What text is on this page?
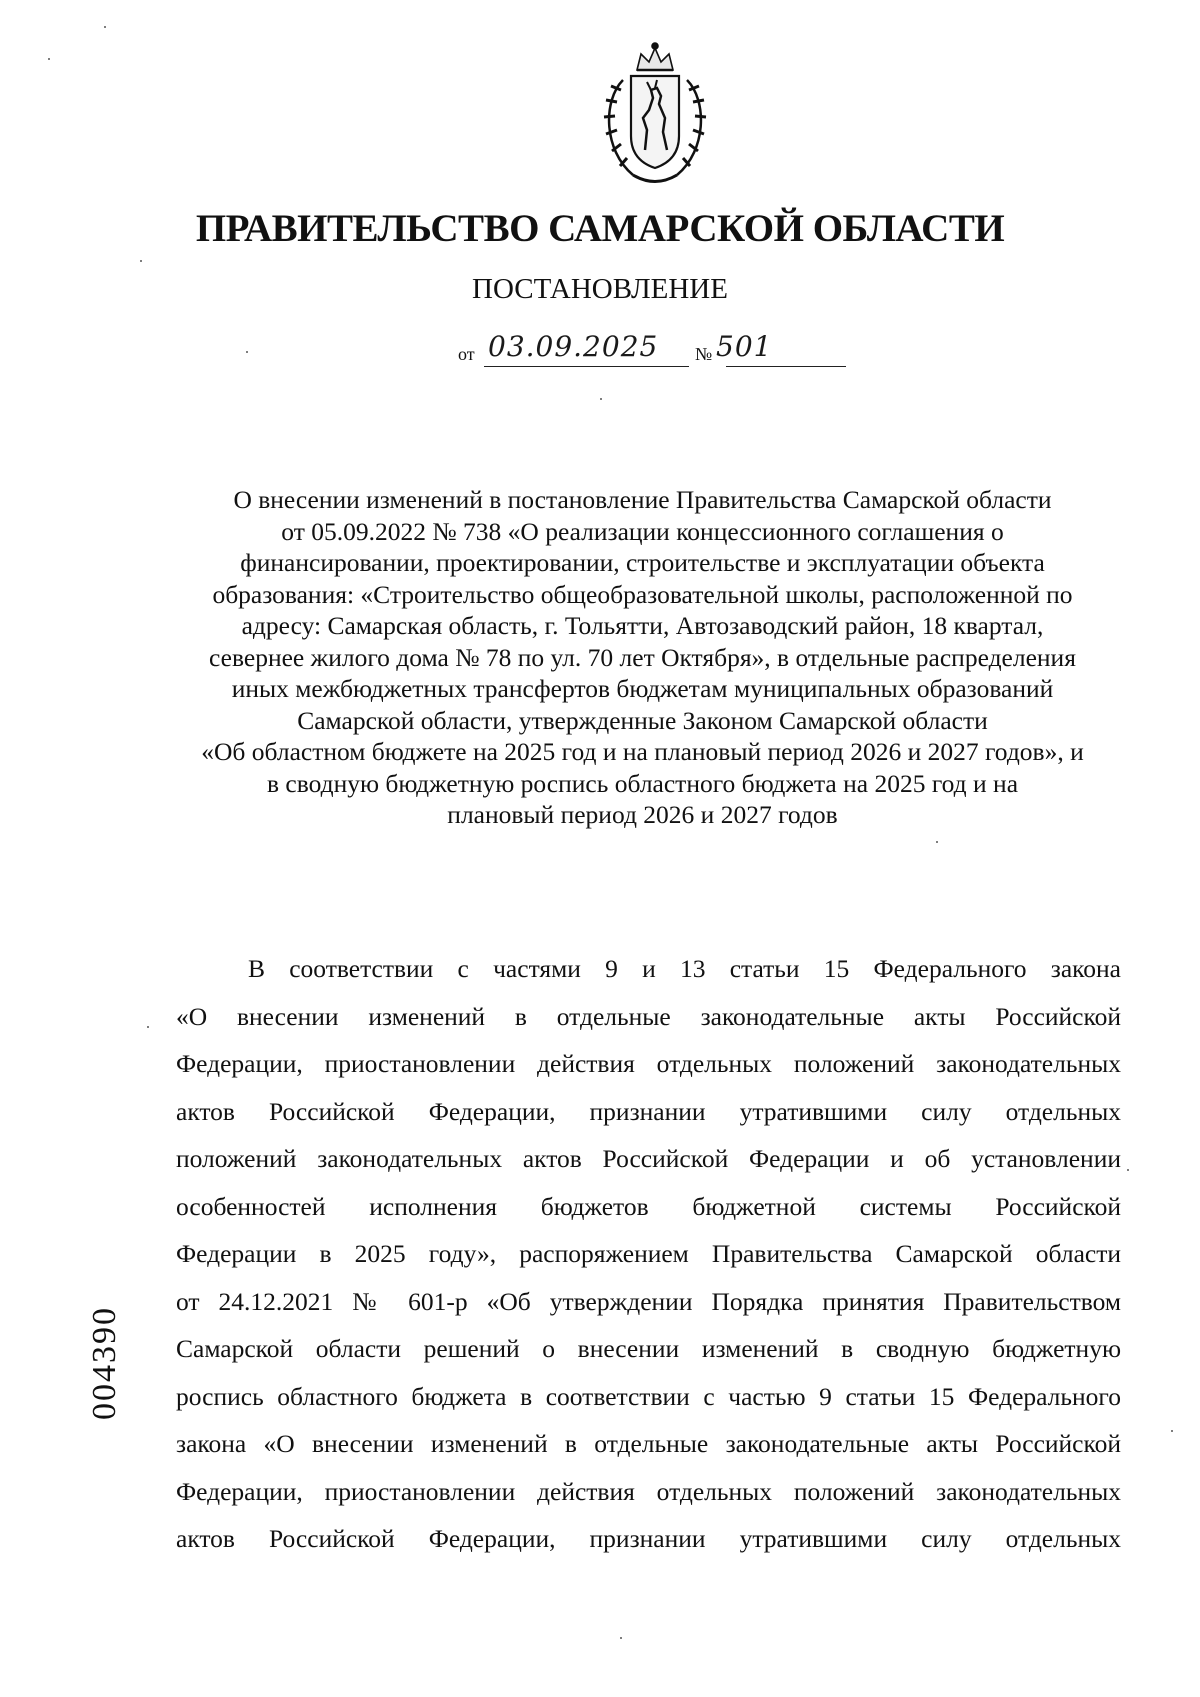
ПРАВИТЕЛЬСТВО САМАРСКОЙ ОБЛАСТИ
ПОСТАНОВЛЕНИЕ
от 03.09.2025 № 501
О внесении изменений в постановление Правительства Самарской области
от 05.09.2022 № 738 «О реализации концессионного соглашения о
финансировании, проектировании, строительстве и эксплуатации объекта
образования: «Строительство общеобразовательной школы, расположенной по
адресу: Самарская область, г. Тольятти, Автозаводский район, 18 квартал,
севернее жилого дома № 78 по ул. 70 лет Октября», в отдельные распределения
иных межбюджетных трансфертов бюджетам муниципальных образований
Самарской области, утвержденные Законом Самарской области
«Об областном бюджете на 2025 год и на плановый период 2026 и 2027 годов», и
в сводную бюджетную роспись областного бюджета на 2025 год и на
плановый период 2026 и 2027 годов
В соответствии с частями 9 и 13 статьи 15 Федерального закона
«О внесении изменений в отдельные законодательные акты Российской
Федерации, приостановлении действия отдельных положений законодательных
актов Российской Федерации, признании утратившими силу отдельных
положений законодательных актов Российской Федерации и об установлении
особенностей исполнения бюджетов бюджетной системы Российской
Федерации в 2025 году», распоряжением Правительства Самарской области
от 24.12.2021 № 601-р «Об утверждении Порядка принятия Правительством
Самарской области решений о внесении изменений в сводную бюджетную
роспись областного бюджета в соответствии с частью 9 статьи 15 Федерального
закона «О внесении изменений в отдельные законодательные акты Российской
Федерации, приостановлении действия отдельных положений законодательных
актов Российской Федерации, признании утратившими силу отдельных
004390
